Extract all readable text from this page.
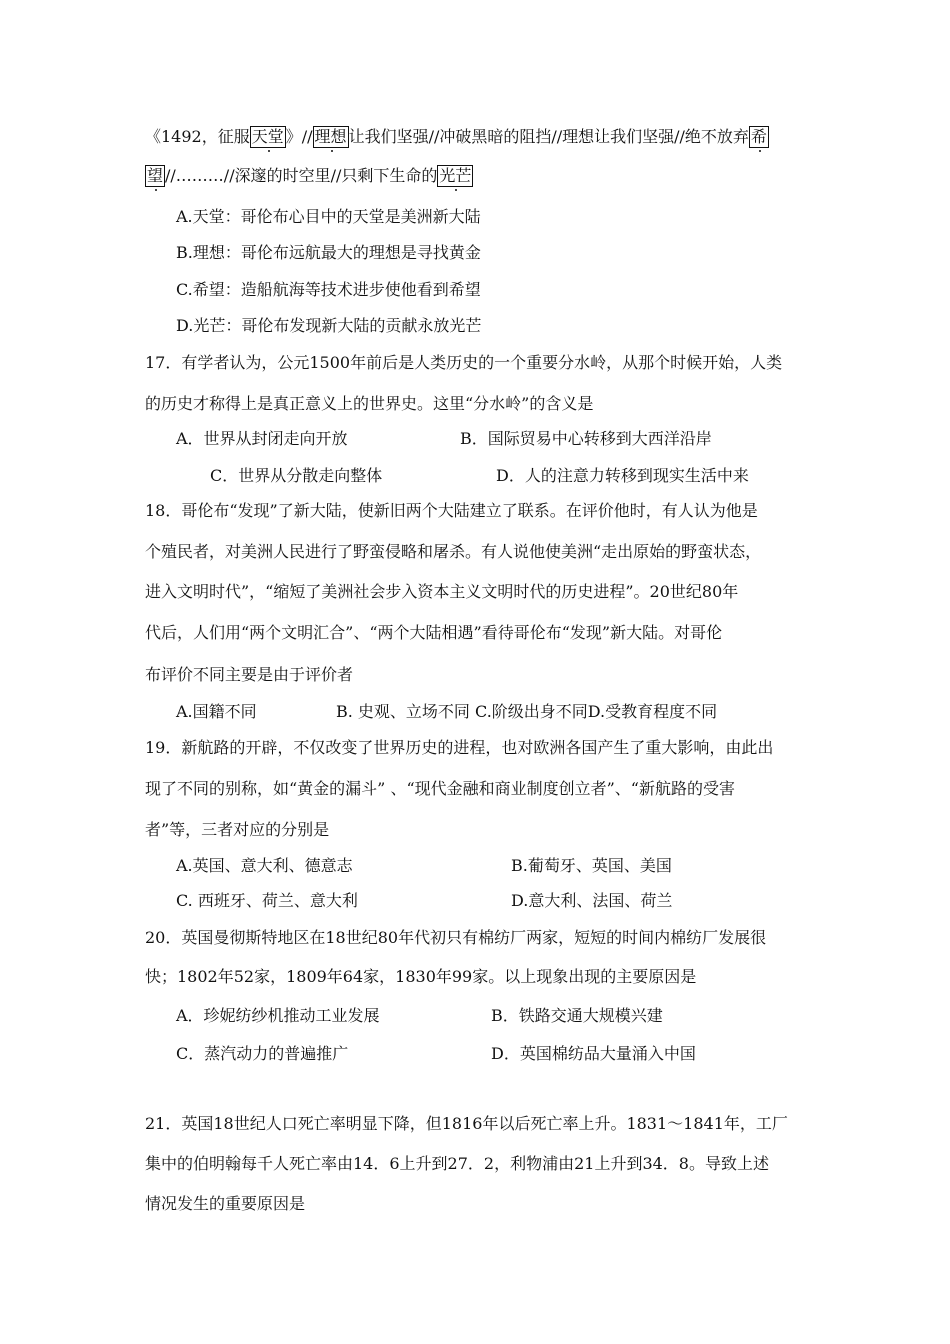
《1492，征服 天堂 》// 理想 让我们坚强//冲破黑暗的阻挡//理想让我们坚强//绝不放弃 希
望 //………//深邃的时空里//只剩下生命的 光芒
A.天堂：哥伦布心目中的天堂是美洲新大陆
B.理想：哥伦布远航最大的理想是寻找黄金
C.希望：造船航海等技术进步使他看到希望
D.光芒：哥伦布发现新大陆的贡献永放光芒
17．有学者认为，公元1500年前后是人类历史的一个重要分水岭，从那个时候开始，人类
的历史才称得上是真正意义上的世界史。这里“分水岭”的含义是
A．世界从封闭走向开放	B．国际贸易中心转移到大西洋沿岸
C．世界从分散走向整体	D．人的注意力转移到现实生活中来
18．哥伦布“发现”了新大陆，使新旧两个大陆建立了联系。在评价他时，有人认为他是
个殖民者，对美洲人民进行了野蛮侵略和屠杀。有人说他使美洲“走出原始的野蛮状态，
进入文明时代”，“缩短了美洲社会步入资本主义文明时代的历史进程”。20世纪80年
代后，人们用“两个文明汇合”、“两个大陆相遇”看待哥伦布“发现”新大陆。对哥伦
布评价不同主要是由于评价者
A.国籍不同	B. 史观、立场不同 C.阶级出身不同D.受教育程度不同
19．新航路的开辟，不仅改变了世界历史的进程，也对欧洲各国产生了重大影响，由此出
现了不同的别称，如“黄金的漏斗” 、“现代金融和商业制度创立者”、“新航路的受害
者”等，三者对应的分别是
A.英国、意大利、德意志	B.葡萄牙、英国、美国
C. 西班牙、荷兰、意大利	D.意大利、法国、荷兰
20．英国曼彻斯特地区在18世纪80年代初只有棉纺厂两家，短短的时间内棉纺厂发展很
快；1802年52家，1809年64家，1830年99家。以上现象出现的主要原因是
A．珍妮纺纱机推动工业发展	B．铁路交通大规模兴建
C．蒸汽动力的普遍推广	D．英国棉纺品大量涌入中国
21．英国18世纪人口死亡率明显下降，但1816年以后死亡率上升。1831～1841年，工厂
集中的伯明翰每千人死亡率由14．6上升到27．2，利物浦由21上升到34．8。导致上述
情况发生的重要原因是
